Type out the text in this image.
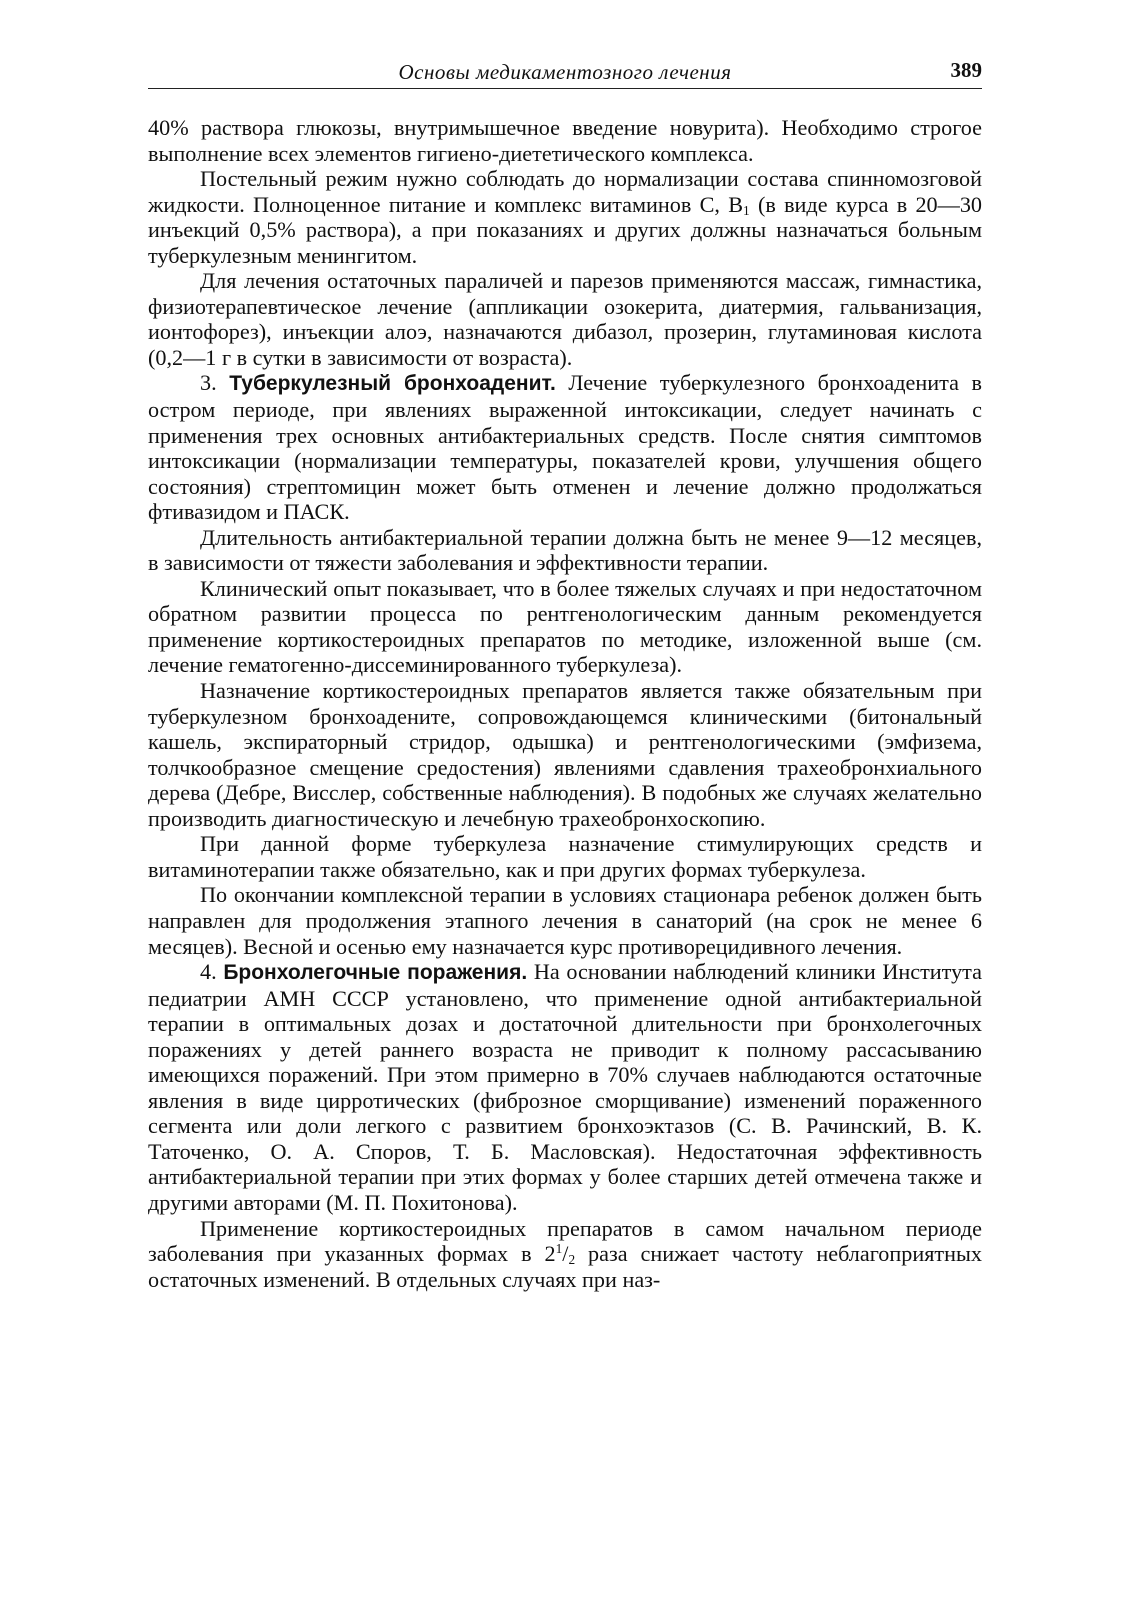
Основы медикаментозного лечения	389

40% раствора глюкозы, внутримышечное введение новурита). Необходимо строгое выполнение всех элементов гигиено-диететического комплекса.

Постельный режим нужно соблюдать до нормализации состава спинномозговой жидкости. Полноценное питание и комплекс витаминов С, $В_1$ (в виде курса в 20—30 инъекций 0,5% раствора), а при показаниях и других должны назначаться больным туберкулезным менингитом.

Для лечения остаточных параличей и парезов применяются массаж, гимнастика, физиотерапевтическое лечение (аппликации озокерита, диатермия, гальванизация, ионтофорез), инъекции алоэ, назначаются дибазол, прозерин, глутаминовая кислота (0,2—1 г в сутки в зависимости от возраста).

3. Туберкулезный бронхоаденит. Лечение туберкулезного бронхоаденита в остром периоде, при явлениях выраженной интоксикации, следует начинать с применения трех основных антибактериальных средств. После снятия симптомов интоксикации (нормализации температуры, показателей крови, улучшения общего состояния) стрептомицин может быть отменен и лечение должно продолжаться фтивазидом и ПАСК.

Длительность антибактериальной терапии должна быть не менее 9—12 месяцев, в зависимости от тяжести заболевания и эффективности терапии.

Клинический опыт показывает, что в более тяжелых случаях и при недостаточном обратном развитии процесса по рентгенологическим данным рекомендуется применение кортикостероидных препаратов по методике, изложенной выше (см. лечение гематогенно-диссеминированного туберкулеза).

Назначение кортикостероидных препаратов является также обязательным при туберкулезном бронхоадените, сопровождающемся клиническими (битональный кашель, экспираторный стридор, одышка) и рентгенологическими (эмфизема, толчкообразное смещение средостения) явлениями сдавления трахеобронхиального дерева (Дебре, Висслер, собственные наблюдения). В подобных же случаях желательно производить диагностическую и лечебную трахеобронхоскопию.

При данной форме туберкулеза назначение стимулирующих средств и витаминотерапии также обязательно, как и при других формах туберкулеза.

По окончании комплексной терапии в условиях стационара ребенок должен быть направлен для продолжения этапного лечения в санаторий (на срок не менее 6 месяцев). Весной и осенью ему назначается курс противорецидивного лечения.

4. Бронхолегочные поражения. На основании наблюдений клиники Института педиатрии АМН СССР установлено, что применение одной антибактериальной терапии в оптимальных дозах и достаточной длительности при бронхолегочных поражениях у детей раннего возраста не приводит к полному рассасыванию имеющихся поражений. При этом примерно в 70% случаев наблюдаются остаточные явления в виде цирротических (фиброзное сморщивание) изменений пораженного сегмента или доли легкого с развитием бронхоэктазов (С. В. Рачинский, В. К. Таточенко, О. А. Споров, Т. Б. Масловская). Недостаточная эффективность антибактериальной терапии при этих формах у более старших детей отмечена также и другими авторами (М. П. Похитонова).

Применение кортикостероидных препаратов в самом начальном периоде заболевания при указанных формах в $2^1/_2$ раза снижает частоту неблагоприятных остаточных изменений. В отдельных случаях при наз-
